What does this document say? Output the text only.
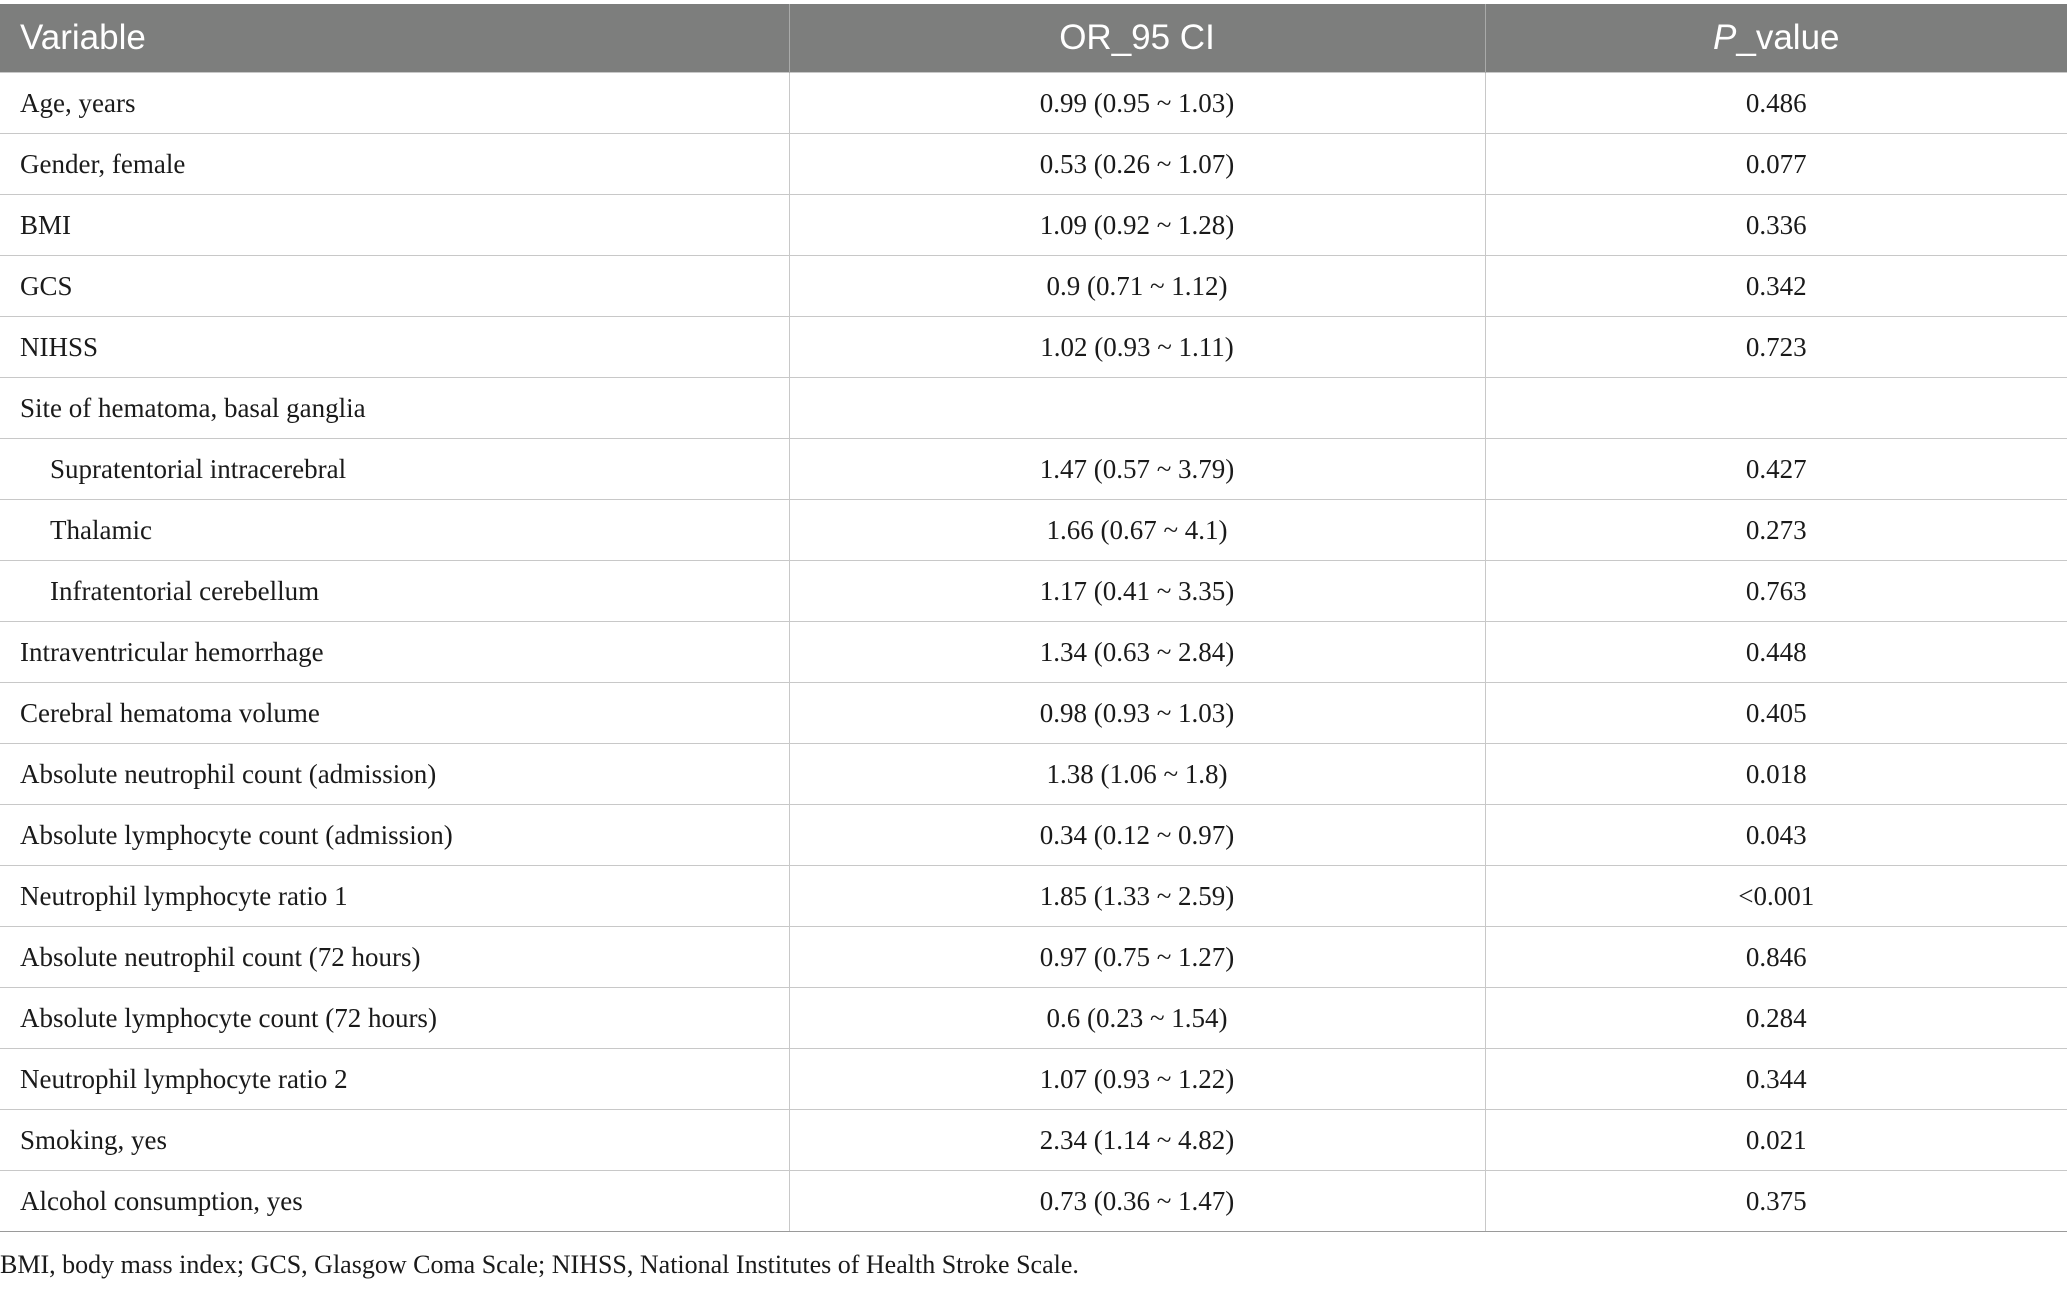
Variable	OR_95 CI	P_value
Age, years	0.99 (0.95 ~ 1.03)	0.486
Gender, female	0.53 (0.26 ~ 1.07)	0.077
BMI	1.09 (0.92 ~ 1.28)	0.336
GCS	0.9 (0.71 ~ 1.12)	0.342
NIHSS	1.02 (0.93 ~ 1.11)	0.723
Site of hematoma, basal ganglia		
Supratentorial intracerebral	1.47 (0.57 ~ 3.79)	0.427
Thalamic	1.66 (0.67 ~ 4.1)	0.273
Infratentorial cerebellum	1.17 (0.41 ~ 3.35)	0.763
Intraventricular hemorrhage	1.34 (0.63 ~ 2.84)	0.448
Cerebral hematoma volume	0.98 (0.93 ~ 1.03)	0.405
Absolute neutrophil count (admission)	1.38 (1.06 ~ 1.8)	0.018
Absolute lymphocyte count (admission)	0.34 (0.12 ~ 0.97)	0.043
Neutrophil lymphocyte ratio 1	1.85 (1.33 ~ 2.59)	<0.001
Absolute neutrophil count (72 hours)	0.97 (0.75 ~ 1.27)	0.846
Absolute lymphocyte count (72 hours)	0.6 (0.23 ~ 1.54)	0.284
Neutrophil lymphocyte ratio 2	1.07 (0.93 ~ 1.22)	0.344
Smoking, yes	2.34 (1.14 ~ 4.82)	0.021
Alcohol consumption, yes	0.73 (0.36 ~ 1.47)	0.375
BMI, body mass index; GCS, Glasgow Coma Scale; NIHSS, National Institutes of Health Stroke Scale.
